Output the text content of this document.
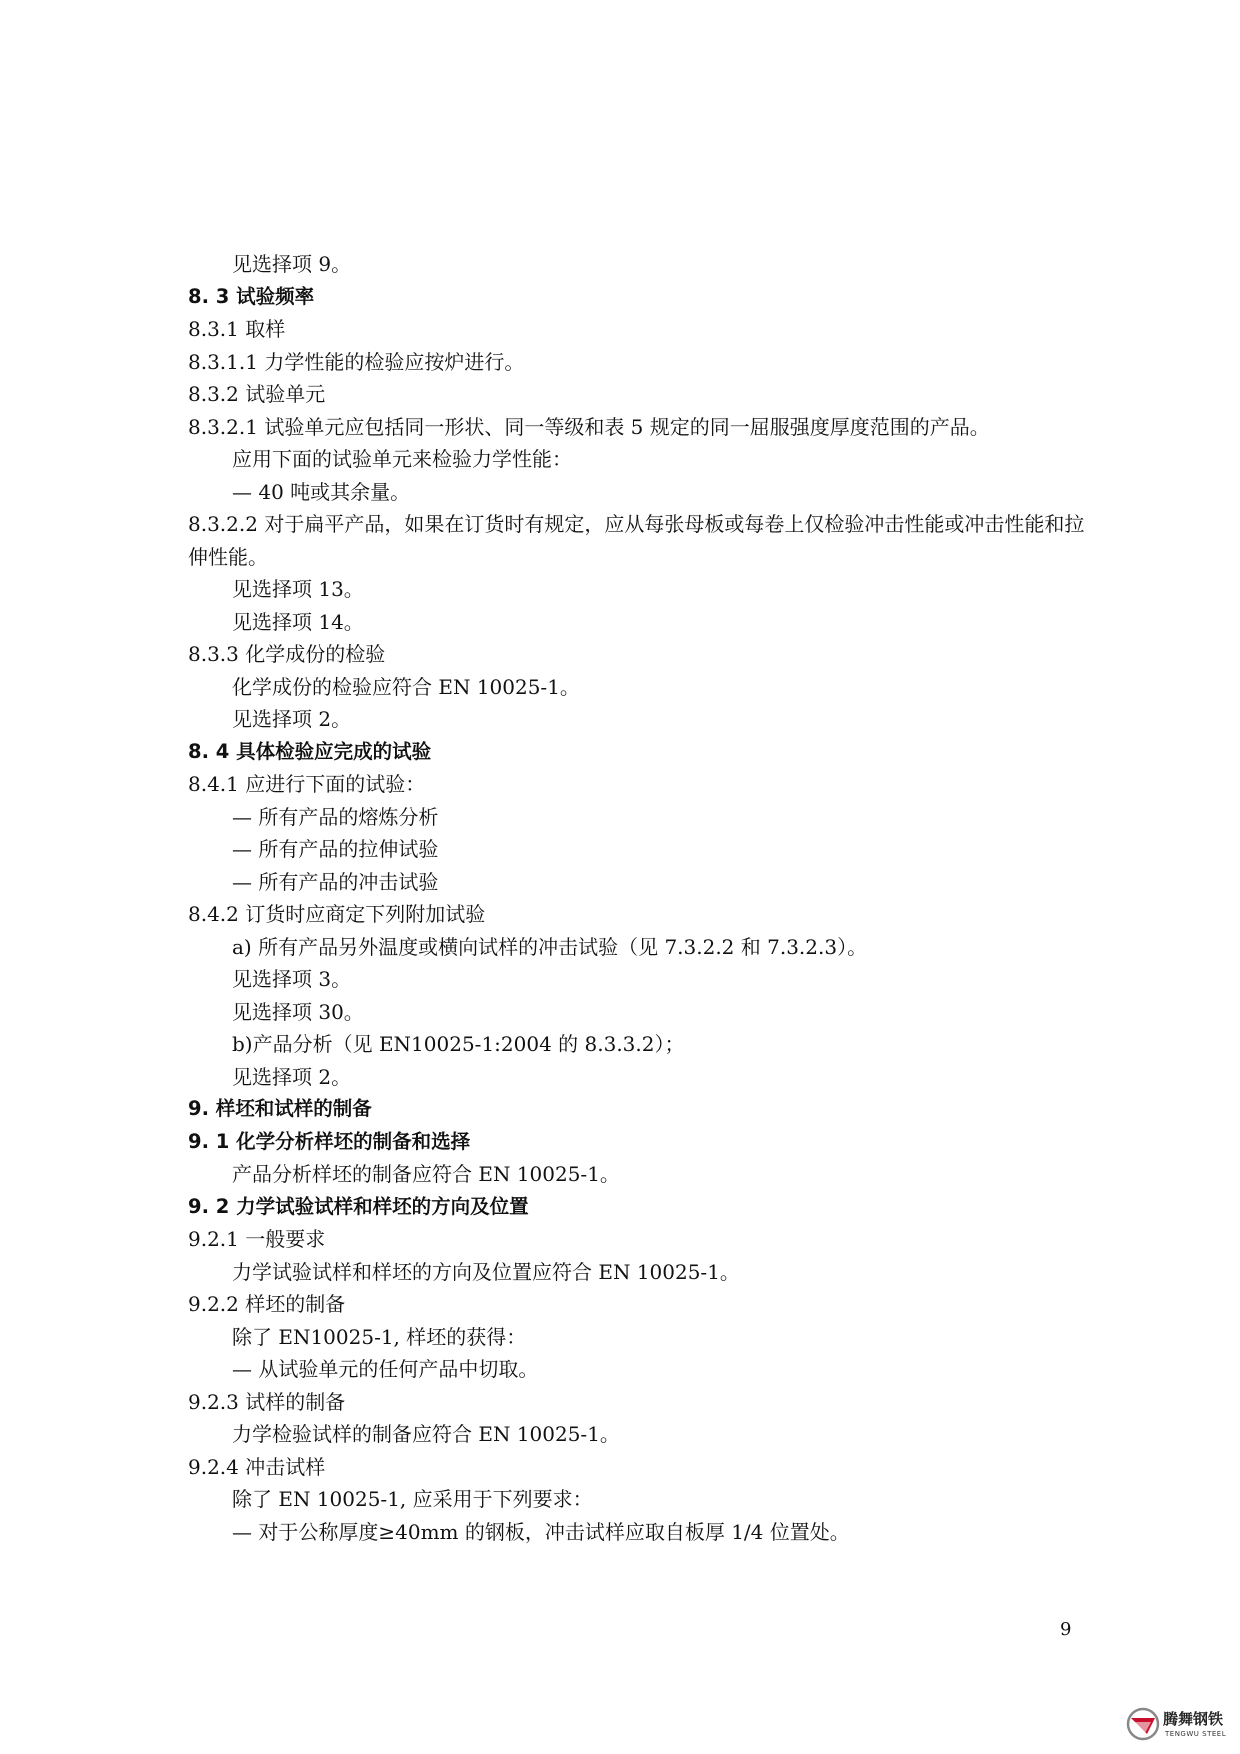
见选择项 9。
8. 3 试验频率
8.3.1 取样
8.3.1.1 力学性能的检验应按炉进行。
8.3.2 试验单元
8.3.2.1 试验单元应包括同一形状、同一等级和表 5 规定的同一屈服强度厚度范围的产品。
应用下面的试验单元来检验力学性能：
— 40 吨或其余量。
8.3.2.2 对于扁平产品，如果在订货时有规定，应从每张母板或每卷上仅检验冲击性能或冲击性能和拉伸性能。
见选择项 13。
见选择项 14。
8.3.3 化学成份的检验
化学成份的检验应符合 EN 10025-1。
见选择项 2。
8. 4 具体检验应完成的试验
8.4.1 应进行下面的试验：
— 所有产品的熔炼分析
— 所有产品的拉伸试验
— 所有产品的冲击试验
8.4.2 订货时应商定下列附加试验
a) 所有产品另外温度或横向试样的冲击试验（见 7.3.2.2 和 7.3.2.3）。
见选择项 3。
见选择项 30。
b)产品分析（见 EN10025-1:2004 的 8.3.3.2）；
见选择项 2。
9. 样坯和试样的制备
9. 1 化学分析样坯的制备和选择
产品分析样坯的制备应符合 EN 10025-1。
9. 2 力学试验试样和样坯的方向及位置
9.2.1 一般要求
力学试验试样和样坯的方向及位置应符合 EN 10025-1。
9.2.2 样坯的制备
除了 EN10025-1, 样坯的获得：
— 从试验单元的任何产品中切取。
9.2.3 试样的制备
力学检验试样的制备应符合 EN 10025-1。
9.2.4 冲击试样
除了 EN 10025-1, 应采用于下列要求：
— 对于公称厚度≥40mm 的钢板，冲击试样应取自板厚 1/4 位置处。
9
腾舞钢铁
TENGWU STEEL
